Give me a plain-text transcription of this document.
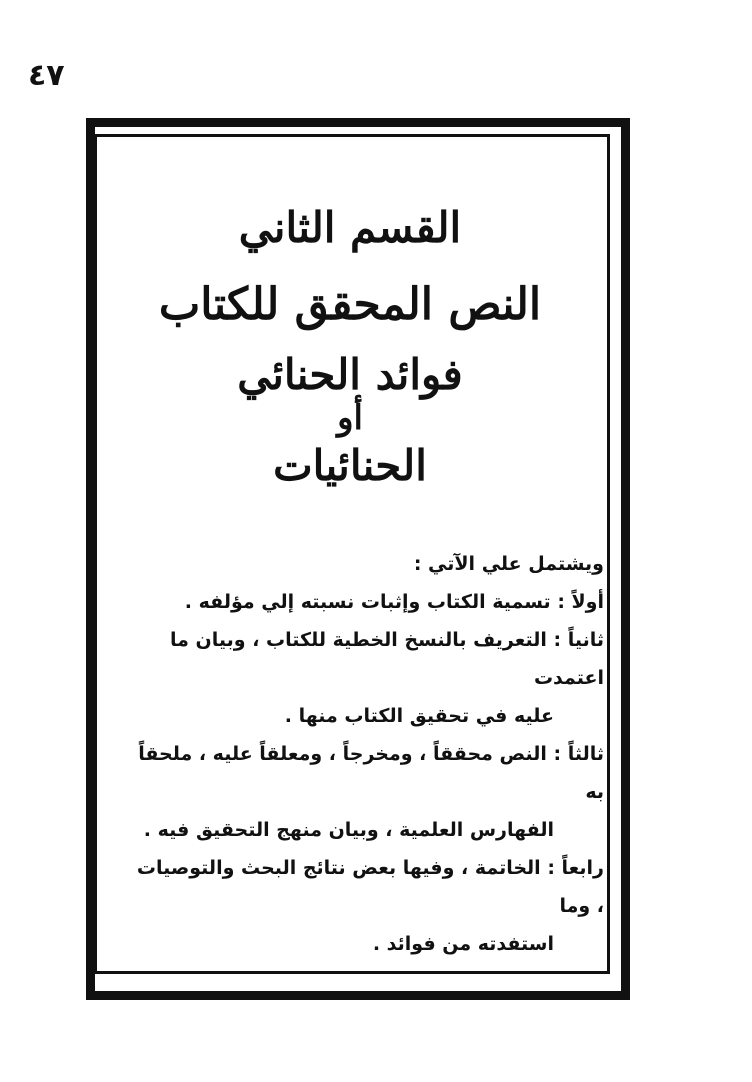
٤٧
القسم الثاني
النص المحقق للكتاب
فوائد الحنائي
أو
الحنائيات

ويشتمل علي الآتي :

أولاً : تسمية الكتاب وإثبات نسبته إلي مؤلفه .

ثانياً : التعريف بالنسخ الخطية للكتاب ، وبيان ما اعتمدت
عليه في تحقيق الكتاب منها .

ثالثاً : النص محققاً ، ومخرجاً ، ومعلقاً عليه ، ملحقاً به
الفهارس العلمية ، وبيان منهج التحقيق فيه .

رابعاً : الخاتمة ، وفيها بعض نتائج البحث والتوصيات ، وما
استفدته من فوائد .
